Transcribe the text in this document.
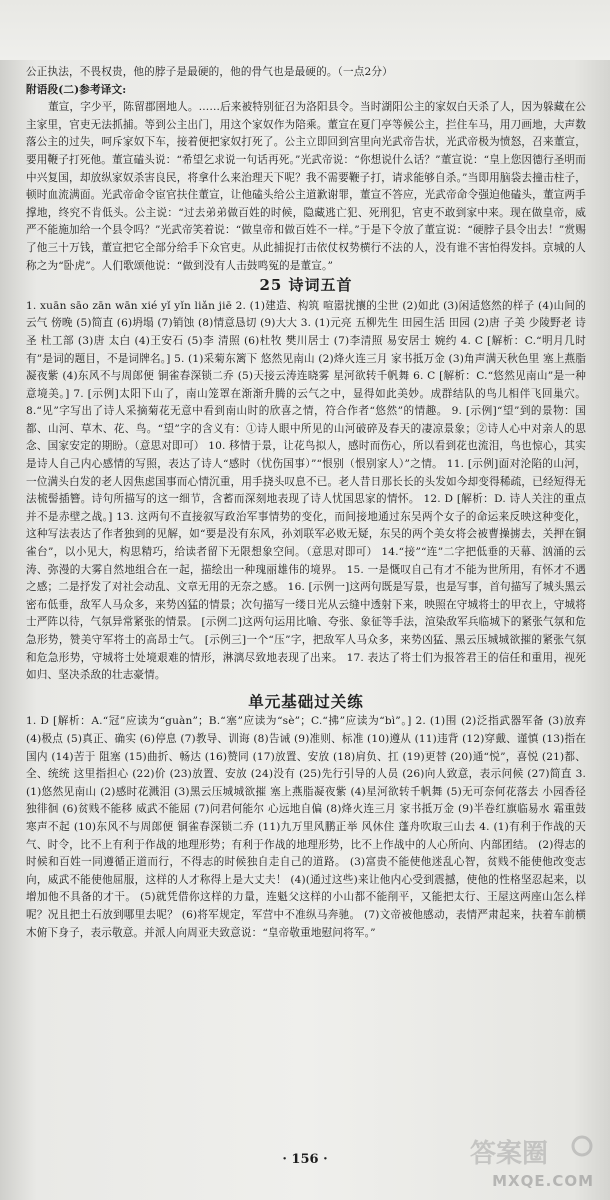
公正执法，不畏权贵，他的脖子是最硬的，他的骨气也是最硬的。（一点2分）

附语段(二)参考译文:

董宣，字少平，陈留郡圉地人。……后来被特别征召为洛阳县令。当时湖阳公主的家奴白天杀了人，因为躲藏在公主家里，官吏无法抓捕。等到公主出门，用这个家奴作为陪乘。董宣在夏门亭等候公主，拦住车马，用刀画地，大声数落公主的过失，呵斥家奴下车，接着便把家奴打死了。公主立即回到宫里向光武帝告状，光武帝极为愤怒，召来董宣，要用鞭子打死他。董宣磕头说：“希望乞求说一句话再死。”光武帝说：“你想说什么话？”董宣说：“皇上您因德行圣明而中兴复国，却放纵家奴杀害良民，将拿什么来治理天下呢？我不需要鞭子打，请求能够自杀。”当即用脑袋去撞击柱子，顿时血流满面。光武帝命令宦官扶住董宣，让他磕头给公主道歉谢罪，董宣不答应，光武帝命令强迫他磕头，董宣两手撑地，终究不肯低头。公主说：“过去弟弟做百姓的时候，隐藏逃亡犯、死刑犯，官吏不敢到家中来。现在做皇帝，威严不能施加给一个县令吗？”光武帝笑着说：“做皇帝和做百姓不一样。”于是下令放了董宣说：“硬脖子县令出去！”赏赐了他三十万钱，董宣把它全部分给手下众官吏。从此捕捉打击依仗权势横行不法的人，没有谁不害怕得发抖。京城的人称之为“卧虎”。人们歌颂他说：“做到没有人击鼓鸣冤的是董宣。”

25 诗词五首

1. xuān sāo zān wān xié yǐ yǐn liǎn jiē 2. (1)建造、构筑 喧嚣扰攘的尘世 (2)如此 (3)闲适悠然的样子 (4)山间的云气 傍晚 (5)简直 (6)坍塌 (7)销蚀 (8)情意恳切 (9)大大 3. (1)元亮 五柳先生 田园生活 田园 (2)唐 子美 少陵野老 诗圣 杜工部 (3)唐 太白 (4)王安石 (5)李 清照 (6)杜牧 樊川居士 (7)李清照 易安居士 婉约 4. C [解析：C.“明月几时有”是词的题目，不是词牌名。] 5. (1)采菊东篱下 悠然见南山 (2)烽火连三月 家书抵万金 (3)角声满天秋色里 塞上燕脂凝夜紫 (4)东风不与周郎便 铜雀春深锁二乔 (5)天接云涛连晓雾 星河欲转千帆舞 6. C [解析：C.“悠然见南山”是一种意境美。] 7. [示例]太阳下山了，南山笼罩在渐渐升腾的云气之中，显得如此美妙。成群结队的鸟儿相伴飞回巢穴。 8.“见”字写出了诗人采摘菊花无意中看到南山时的欣喜之情，符合作者“悠然”的情趣。 9. [示例]“望”到的景物：国都、山河、草木、花、鸟。“望”字的含义有：①诗人眼中所见的山河破碎及春天的凄凉景象；②诗人心中对亲人的思念、国家安定的期盼。（意思对即可） 10. 移情于景，让花鸟拟人，感时而伤心，所以看到花也流泪，鸟也惊心，其实是诗人自己内心感情的写照，表达了诗人“感时（忧伤国事）”“恨别（恨别家人）”之情。 11. [示例]面对沦陷的山河，一位满头白发的老人因焦虑国事而心情沉重，用手挠头叹息不已。老人昔日那长长的头发如今却变得稀疏，已经短得无法梳髻插簪。诗句所描写的这一细节，含蓄而深刻地表现了诗人忧国思家的情怀。 12. D [解析：D. 诗人关注的重点并不是赤壁之战。] 13. 这两句不直接叙写政治军事情势的变化，而间接地通过东吴两个女子的命运来反映这种变化，这种写法表达了作者独到的见解，如“要是没有东风，孙刘联军必败无疑，东吴的两个美女将会被曹操掳去，关押在铜雀台”，以小见大，构思精巧，给读者留下无限想象空间。（意思对即可） 14.“接”“连”二字把低垂的天幕、汹涌的云涛、弥漫的大雾自然地组合在一起，描绘出一种瑰丽雄伟的境界。 15. 一是慨叹自己有才不能为世所用，有怀才不遇之感；二是抒发了对社会动乱、文章无用的无奈之感。 16. [示例一]这两句既是写景，也是写事，首句描写了城头黑云密布低垂，敌军人马众多，来势凶猛的情景；次句描写一缕日光从云缝中透射下来，映照在守城将士的甲衣上，守城将士严阵以待，气氛异常紧张的情景。 [示例二]这两句运用比喻、夸张、象征等手法，渲染敌军兵临城下的紧张气氛和危急形势，赞美守军将士的高昂士气。 [示例三]一个“压”字，把敌军人马众多，来势凶猛、黑云压城城欲摧的紧张气氛和危急形势，守城将士处境艰难的情形，淋漓尽致地表现了出来。 17. 表达了将士们为报答君王的信任和重用，视死如归、坚决杀敌的壮志豪情。

单元基础过关练

1. D [解析：A.“冠”应读为“guàn”；B.“塞”应读为“sè”；C.“拂”应读为“bì”。] 2. (1)围 (2)泛指武器军备 (3)放弃 (4)极点 (5)真正、确实 (6)停息 (7)教导、训诲 (8)告诫 (9)准则、标准 (10)遵从 (11)违背 (12)穿戴、谨慎 (13)指在国内 (14)苦于 阻塞 (15)曲折、畅达 (16)赞同 (17)放置、安放 (18)肩负、扛 (19)更替 (20)通“悦”，喜悦 (21)都、全、统统 这里指担心 (22)价 (23)放置、安放 (24)没有 (25)先行引导的人员 (26)向人致意，表示问候 (27)简直 3. (1)悠然见南山 (2)感时花溅泪 (3)黑云压城城欲摧 塞上燕脂凝夜紫 (4)星河欲转千帆舞 (5)无可奈何花落去 小园香径独徘徊 (6)贫贱不能移 威武不能屈 (7)问君何能尔 心远地自偏 (8)烽火连三月 家书抵万金 (9)半卷红旗临易水 霜重鼓寒声不起 (10)东风不与周郎便 铜雀春深锁二乔 (11)九万里风鹏正举 风休住 蓬舟吹取三山去 4. (1)有利于作战的天气、时令，比不上有利于作战的地理形势；有利于作战的地理形势，比不上作战中的人心所向、内部团结。 (2)得志的时候和百姓一同遵循正道而行，不得志的时候独自走自己的道路。 (3)富贵不能使他迷乱心智，贫贱不能使他改变志向，威武不能使他屈服，这样的人才称得上是大丈夫！ (4)(通过这些)来让他内心受到震撼，使他的性格坚忍起来，以增加他不具备的才干。 (5)就凭借你这样的力量，连魁父这样的小山都不能削平，又能把太行、王屋这两座山怎么样呢？况且把土石放到哪里去呢？ (6)将军规定，军营中不准纵马奔驰。 (7)文帝被他感动，表情严肃起来，扶着车前横木俯下身子，表示敬意。并派人向周亚夫致意说：“皇帝敬重地慰问将军。”

· 156 ·	答案圈
MXQE.COM
